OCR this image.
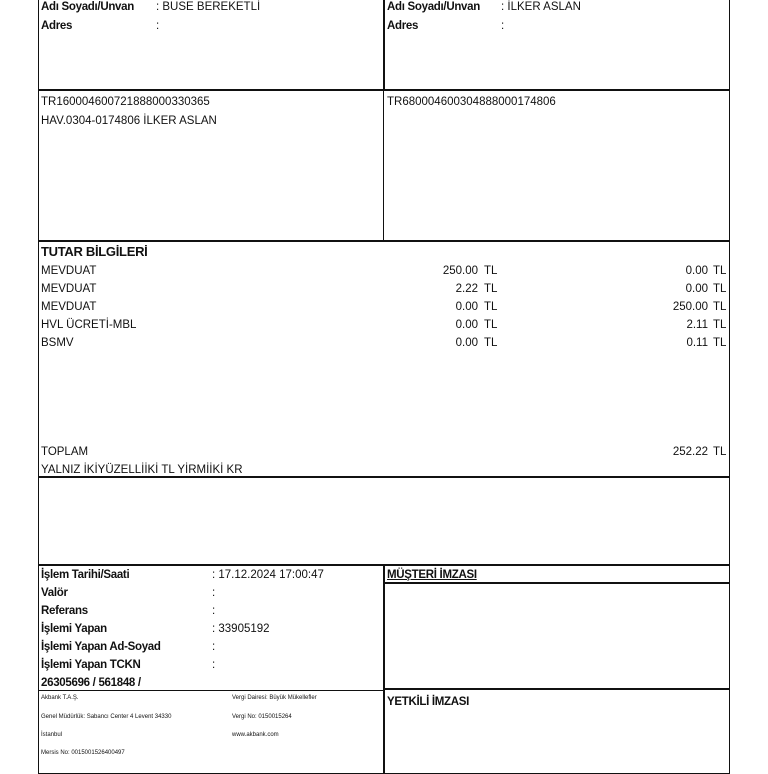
Adı Soyadı/Unvan : BUSE BEREKETLİ
Adres	:
Adı Soyadı/Unvan : İLKER ASLAN
Adres	:
TR160004600721888000330365
HAV.0304-0174806 İLKER ASLAN
TR680004600304888000174806
TUTAR BİLGİLERİ
MEVDUAT	250.00 TL	0.00 TL
MEVDUAT	2.22 TL	0.00 TL
MEVDUAT	0.00 TL	250.00 TL
HVL ÜCRETİ-MBL	0.00 TL	2.11 TL
BSMV	0.00 TL	0.11 TL
TOPLAM	252.22 TL
YALNIZ İKİYÜZELLİİKİ TL YİRMİİKİ KR
İşlem Tarihi/Saati	: 17.12.2024 17:00:47
Valör	:
Referans	:
İşlemi Yapan	: 33905192
İşlemi Yapan Ad-Soyad	:
İşlemi Yapan TCKN	:
26305696 / 561848 /
MÜŞTERİ İMZASI
YETKİLİ İMZASI
Akbank T.A.Ş.
Genel Müdürlük: Sabancı Center 4 Levent 34330
İstanbul
Mersis No: 0015001526400497
Vergi Dairesi: Büyük Mükellefler
Vergi No: 0150015264
www.akbank.com
